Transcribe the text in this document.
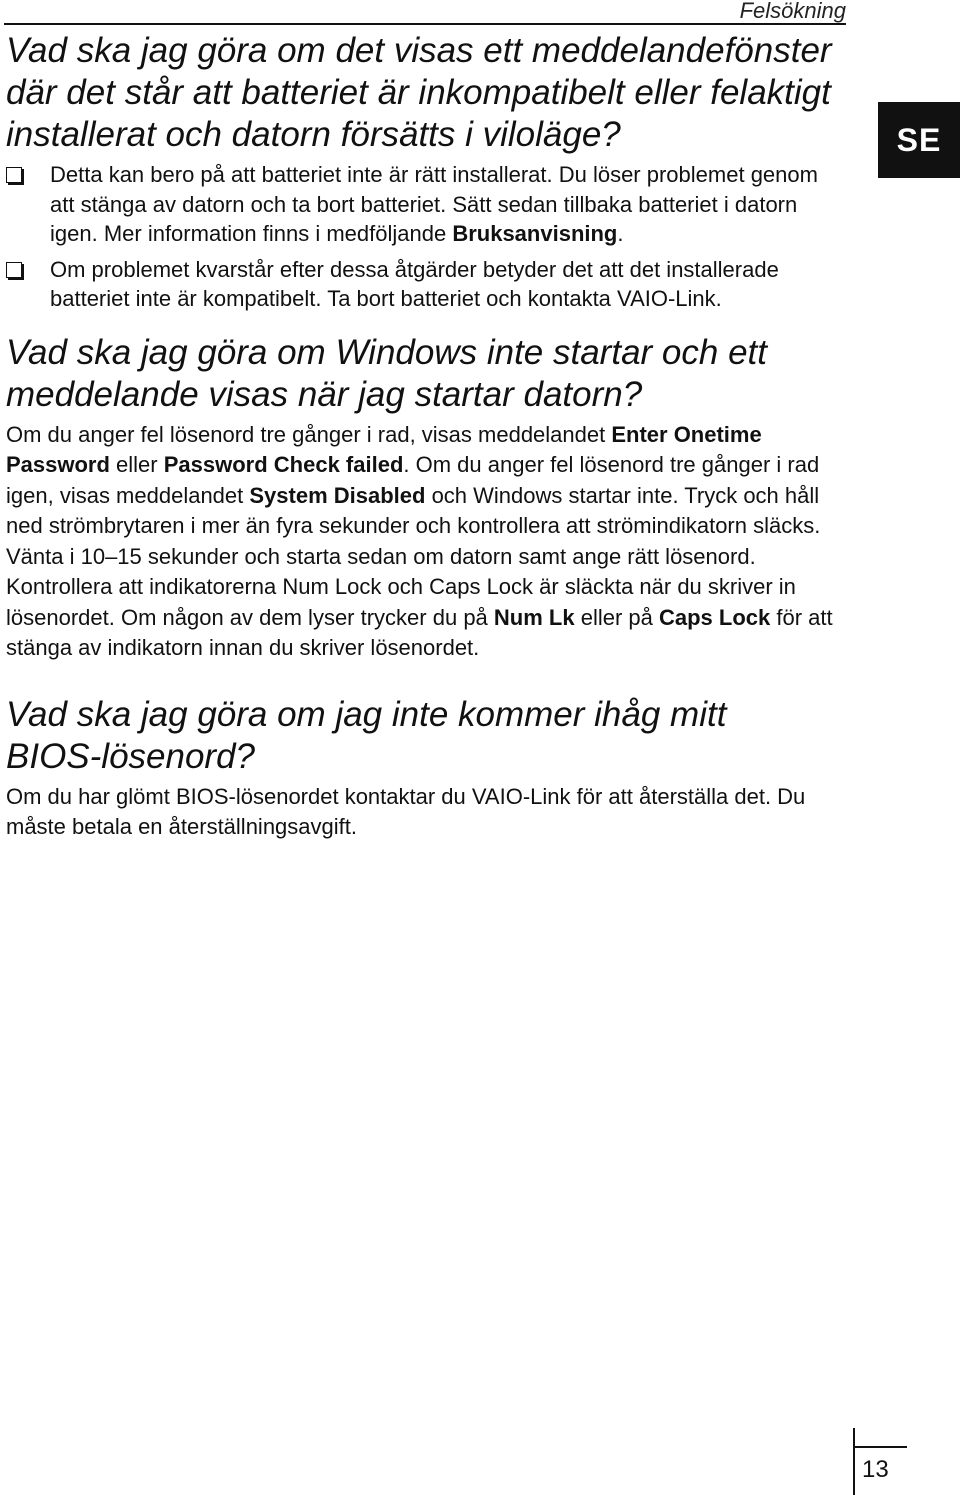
Felsökning
SE
Vad ska jag göra om det visas ett meddelandefönster där det står att batteriet är inkompatibelt eller felaktigt installerat och datorn försätts i viloläge?
Detta kan bero på att batteriet inte är rätt installerat. Du löser problemet genom att stänga av datorn och ta bort batteriet. Sätt sedan tillbaka batteriet i datorn igen. Mer information finns i medföljande Bruksanvisning.
Om problemet kvarstår efter dessa åtgärder betyder det att det installerade batteriet inte är kompatibelt. Ta bort batteriet och kontakta VAIO-Link.
Vad ska jag göra om Windows inte startar och ett meddelande visas när jag startar datorn?

Om du anger fel lösenord tre gånger i rad, visas meddelandet Enter Onetime Password eller Password Check failed. Om du anger fel lösenord tre gånger i rad igen, visas meddelandet System Disabled och Windows startar inte. Tryck och håll ned strömbrytaren i mer än fyra sekunder och kontrollera att strömindikatorn släcks. Vänta i 10–15 sekunder och starta sedan om datorn samt ange rätt lösenord. Kontrollera att indikatorerna Num Lock och Caps Lock är släckta när du skriver in lösenordet. Om någon av dem lyser trycker du på Num Lk eller på Caps Lock för att stänga av indikatorn innan du skriver lösenordet.

Vad ska jag göra om jag inte kommer ihåg mitt BIOS-lösenord?

Om du har glömt BIOS-lösenordet kontaktar du VAIO-Link för att återställa det. Du måste betala en återställningsavgift.

13
